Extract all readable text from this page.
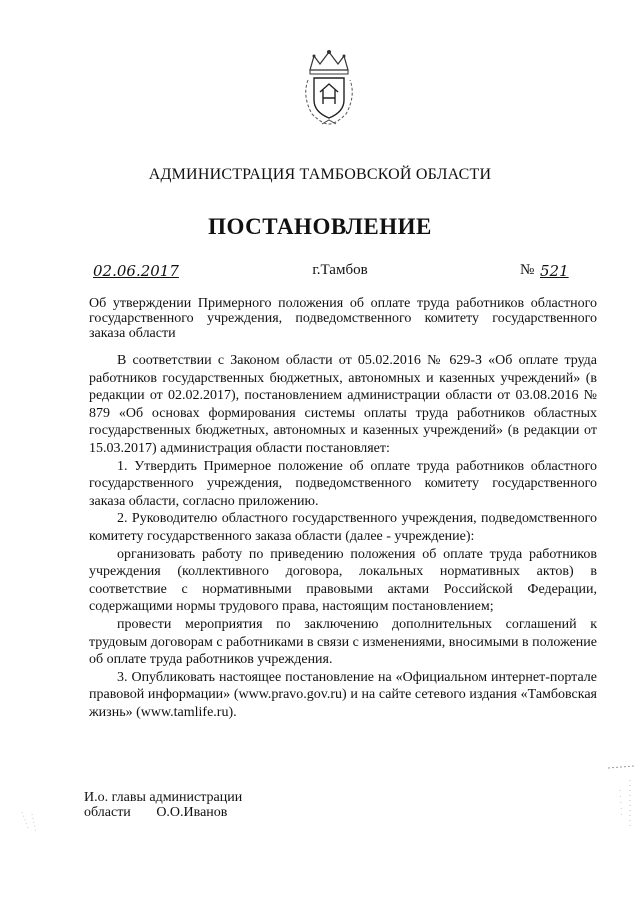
АДМИНИСТРАЦИЯ ТАМБОВСКОЙ ОБЛАСТИ
ПОСТАНОВЛЕНИЕ
02.06.2017	г.Тамбов	№ 521
Об утверждении Примерного положения об оплате труда работников областного государственного учреждения, подведомственного комитету государственного заказа области

В соответствии с Законом области от 05.02.2016 № 629-З «Об оплате труда работников государственных бюджетных, автономных и казенных учреждений» (в редакции от 02.02.2017), постановлением администрации области от 03.08.2016 № 879 «Об основах формирования системы оплаты труда работников областных государственных бюджетных, автономных и казенных учреждений» (в редакции от 15.03.2017) администрация области постановляет:

1. Утвердить Примерное положение об оплате труда работников областного государственного учреждения, подведомственного комитету государственного заказа области, согласно приложению.

2. Руководителю областного государственного учреждения, подведомственного комитету государственного заказа области (далее - учреждение):

организовать работу по приведению положения об оплате труда работников учреждения (коллективного договора, локальных нормативных актов) в соответствие с нормативными правовыми актами Российской Федерации, содержащими нормы трудового права, настоящим постановлением;

провести мероприятия по заключению дополнительных соглашений к трудовым договорам с работниками в связи с изменениями, вносимыми в положение об оплате труда работников учреждения.

3. Опубликовать настоящее постановление на «Официальном интернет-портале правовой информации» (www.pravo.gov.ru) и на сайте сетевого издания «Тамбовская жизнь» (www.tamlife.ru).

И.о. главы администрации
области О.О.Иванов
